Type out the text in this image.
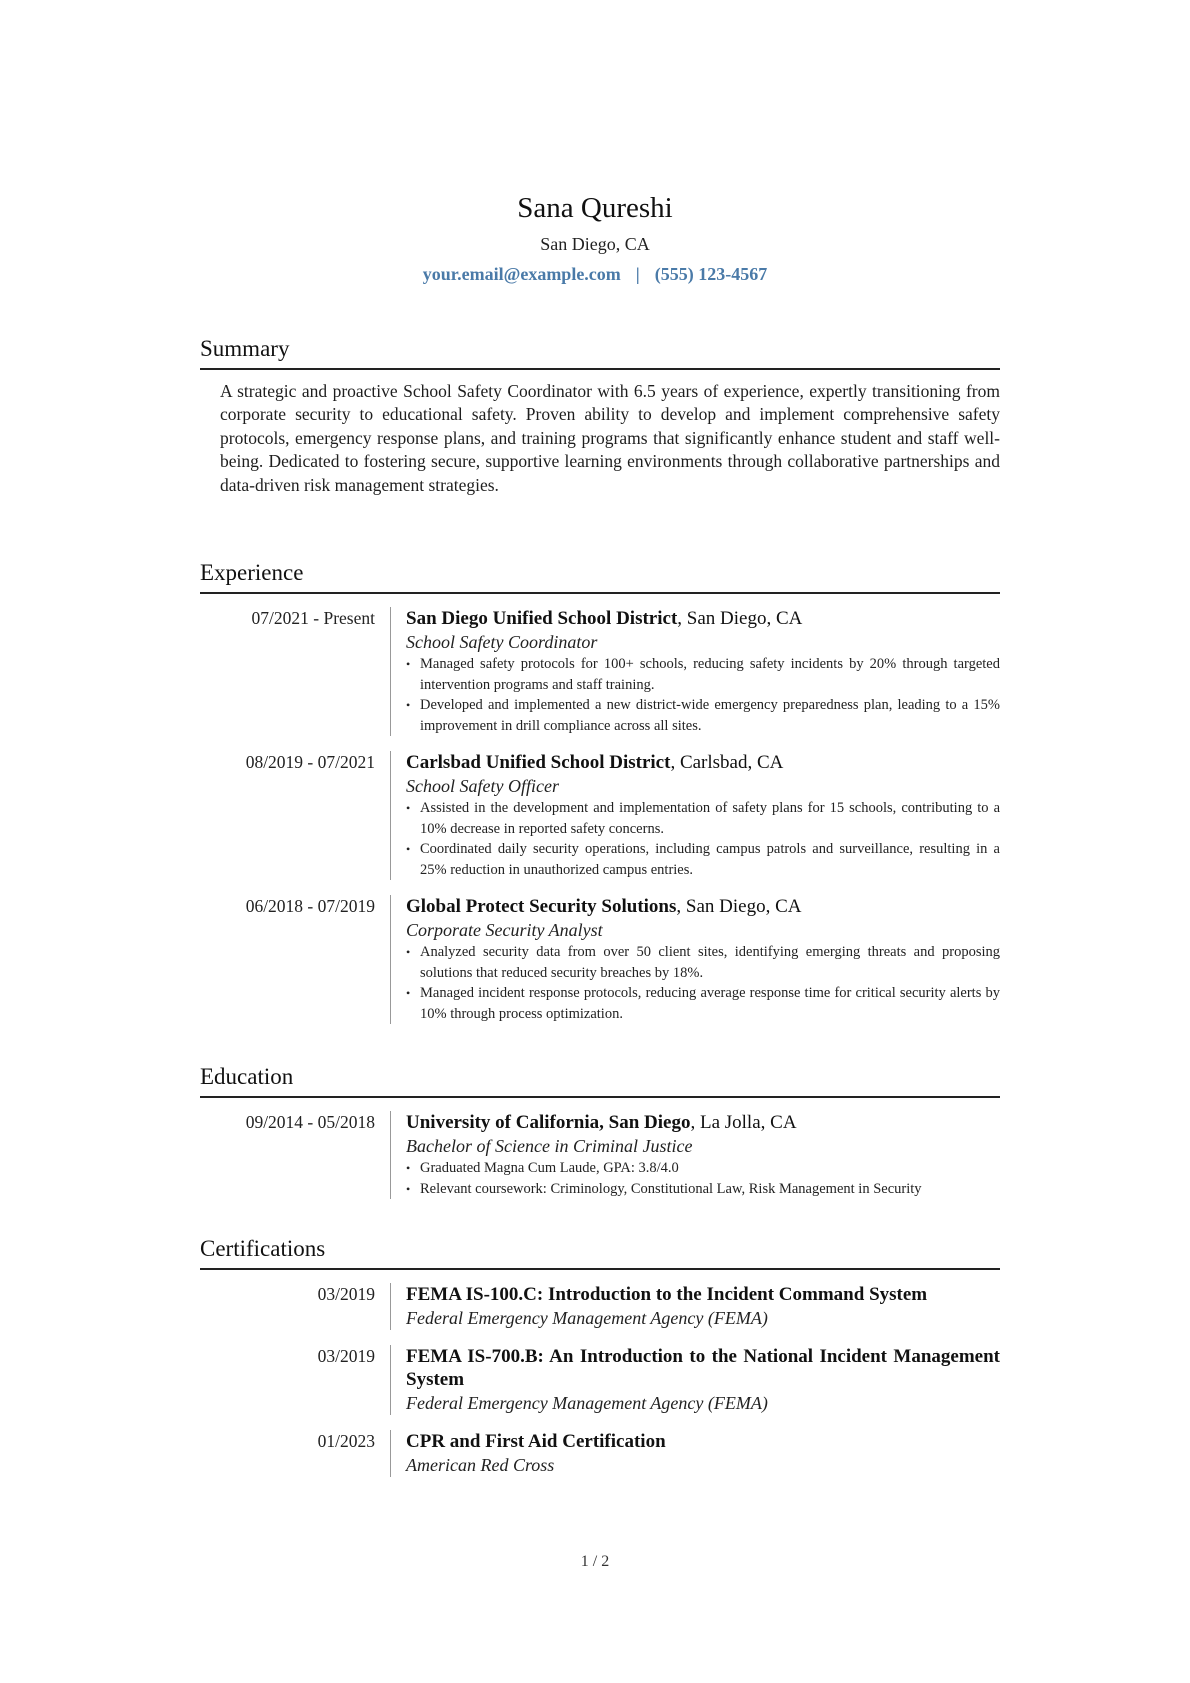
Sana Qureshi
San Diego, CA
your.email@example.com | (555) 123-4567
Summary

A strategic and proactive School Safety Coordinator with 6.5 years of experience, expertly transitioning from corporate security to educational safety. Proven ability to develop and implement comprehensive safety protocols, emergency response plans, and training programs that significantly enhance student and staff well-being. Dedicated to fostering secure, supportive learning environments through collaborative partnerships and data-driven risk management strategies.

Experience
07/2021 - Present	San Diego Unified School District, San Diego, CA
School Safety Coordinator
• Managed safety protocols for 100+ schools, reducing safety incidents by 20% through targeted intervention programs and staff training.
• Developed and implemented a new district-wide emergency preparedness plan, leading to a 15% improvement in drill compliance across all sites.
08/2019 - 07/2021	Carlsbad Unified School District, Carlsbad, CA
School Safety Officer
• Assisted in the development and implementation of safety plans for 15 schools, contributing to a 10% decrease in reported safety concerns.
• Coordinated daily security operations, including campus patrols and surveillance, resulting in a 25% reduction in unauthorized campus entries.
06/2018 - 07/2019	Global Protect Security Solutions, San Diego, CA
Corporate Security Analyst
• Analyzed security data from over 50 client sites, identifying emerging threats and proposing solutions that reduced security breaches by 18%.
• Managed incident response protocols, reducing average response time for critical security alerts by 10% through process optimization.
Education
09/2014 - 05/2018	University of California, San Diego, La Jolla, CA
Bachelor of Science in Criminal Justice
• Graduated Magna Cum Laude, GPA: 3.8/4.0
• Relevant coursework: Criminology, Constitutional Law, Risk Management in Security
Certifications
03/2019	FEMA IS-100.C: Introduction to the Incident Command System
Federal Emergency Management Agency (FEMA)
03/2019	FEMA IS-700.B: An Introduction to the National Incident Management System
Federal Emergency Management Agency (FEMA)
01/2023	CPR and First Aid Certification
American Red Cross
1 / 2
